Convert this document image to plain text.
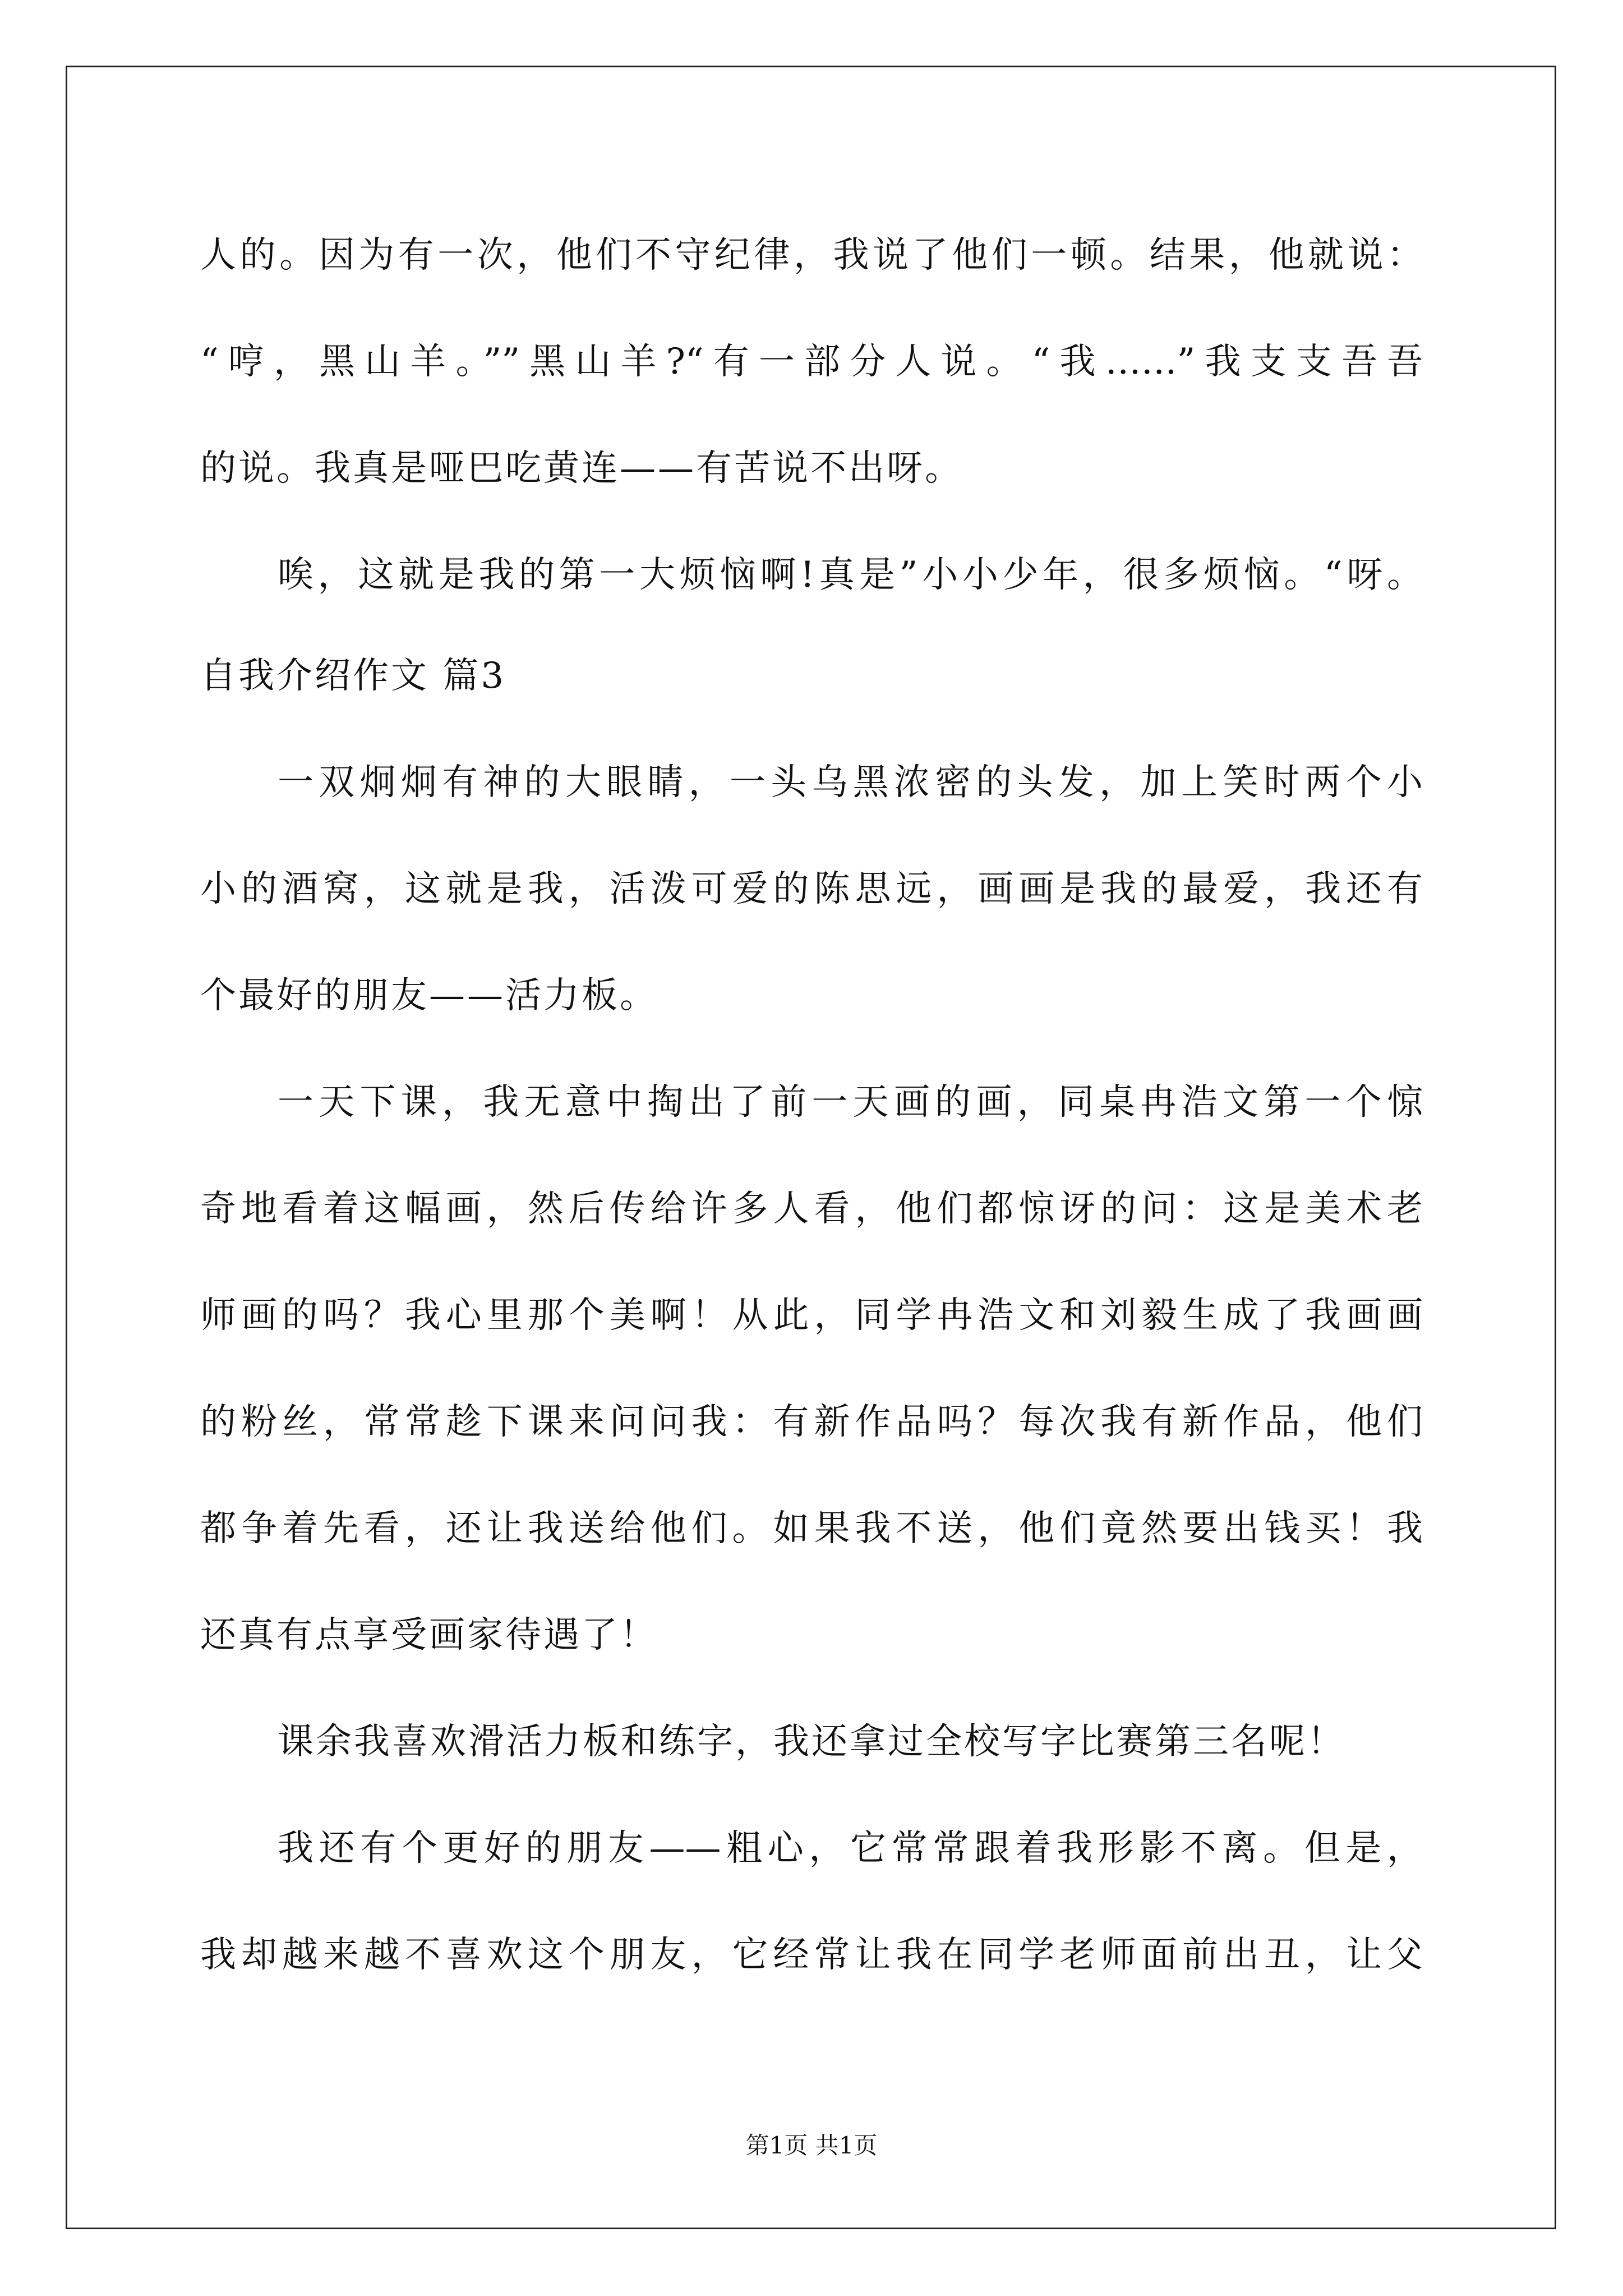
人的。因为有一次，他们不守纪律，我说了他们一顿。结果，他就说：
“哼，黑山羊。””黑山羊?“有一部分人说。“我……”我支支吾吾
的说。我真是哑巴吃黄连——有苦说不出呀。
唉，这就是我的第一大烦恼啊!真是”小小少年，很多烦恼。“呀。
自我介绍作文 篇3
一双炯炯有神的大眼睛，一头乌黑浓密的头发，加上笑时两个小
小的酒窝，这就是我，活泼可爱的陈思远，画画是我的最爱，我还有
个最好的朋友——活力板。
一天下课，我无意中掏出了前一天画的画，同桌冉浩文第一个惊
奇地看着这幅画，然后传给许多人看，他们都惊讶的问：这是美术老
师画的吗？我心里那个美啊！从此，同学冉浩文和刘毅生成了我画画
的粉丝，常常趁下课来问问我：有新作品吗？每次我有新作品，他们
都争着先看，还让我送给他们。如果我不送，他们竟然要出钱买！我
还真有点享受画家待遇了！
课余我喜欢滑活力板和练字，我还拿过全校写字比赛第三名呢！
我还有个更好的朋友——粗心，它常常跟着我形影不离。但是，
我却越来越不喜欢这个朋友，它经常让我在同学老师面前出丑，让父
第1页 共1页
